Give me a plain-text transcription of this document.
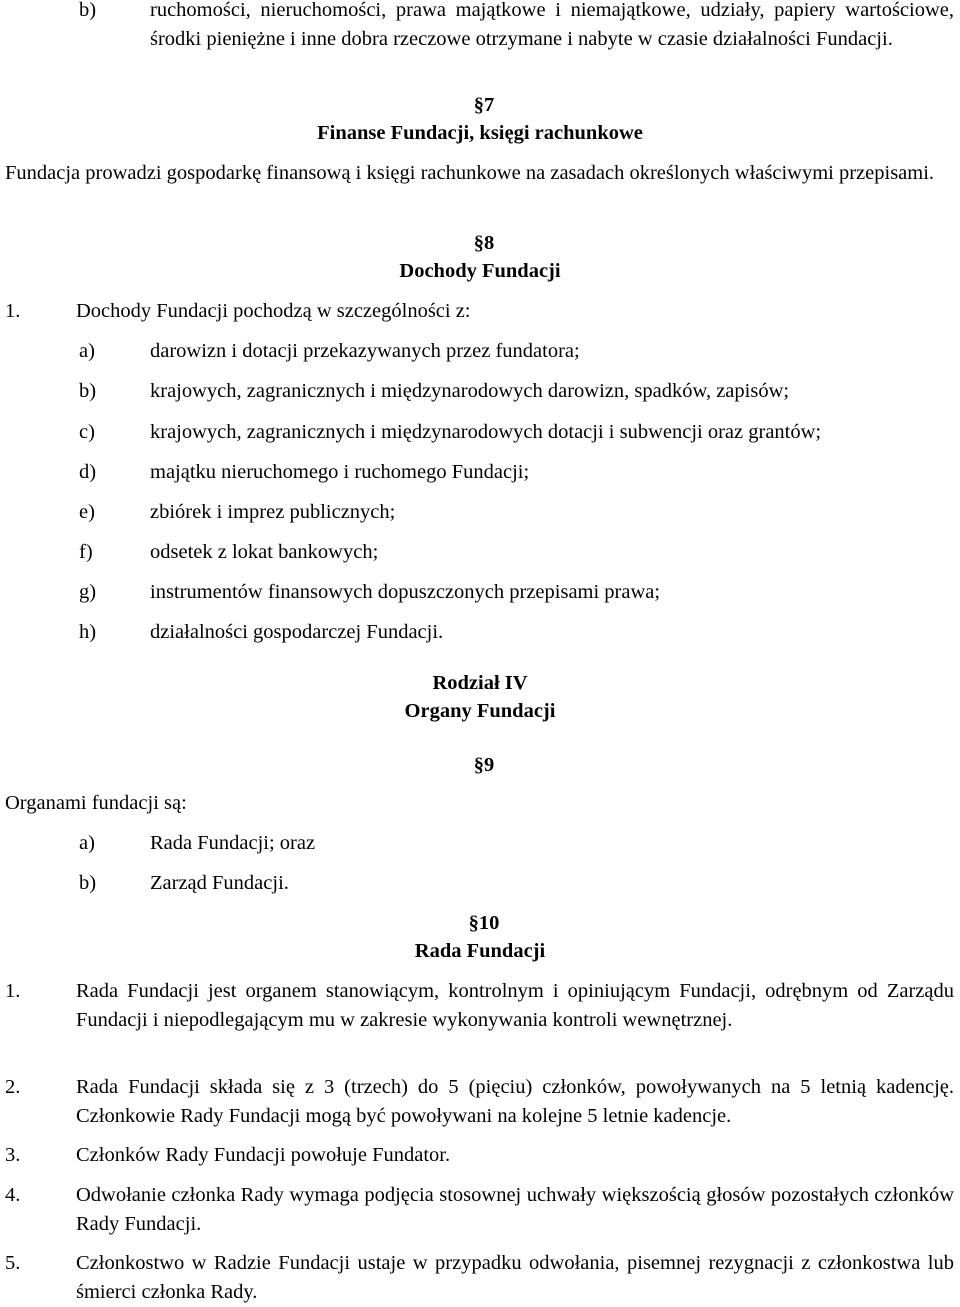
b)	ruchomości, nieruchomości, prawa majątkowe i niemajątkowe, udziały, papiery wartościowe, środki pieniężne i inne dobra rzeczowe otrzymane i nabyte w czasie działalności Fundacji.
§7
Finanse Fundacji, księgi rachunkowe
Fundacja prowadzi gospodarkę finansową i księgi rachunkowe na zasadach określonych właściwymi przepisami.
§8
Dochody Fundacji
1.	Dochody Fundacji pochodzą w szczególności z:
a)	darowizn i dotacji przekazywanych przez fundatora;
b)	krajowych, zagranicznych i międzynarodowych darowizn, spadków, zapisów;
c)	krajowych, zagranicznych i międzynarodowych dotacji i subwencji oraz grantów;
d)	majątku nieruchomego i ruchomego Fundacji;
e)	zbiórek i imprez publicznych;
f)	odsetek z lokat bankowych;
g)	instrumentów finansowych dopuszczonych przepisami prawa;
h)	działalności gospodarczej Fundacji.
Rodział IV
Organy Fundacji
§9
Organami fundacji są:
a)	Rada Fundacji; oraz
b)	Zarząd Fundacji.
§10
Rada Fundacji
1.	Rada Fundacji jest organem stanowiącym, kontrolnym i opiniującym Fundacji, odrębnym od Zarządu Fundacji i niepodlegającym mu w zakresie wykonywania kontroli wewnętrznej.
2.	Rada Fundacji składa się z 3 (trzech) do 5 (pięciu) członków, powoływanych na 5 letnią kadencję. Członkowie Rady Fundacji mogą być powoływani na kolejne 5 letnie kadencje.
3.	Członków Rady Fundacji powołuje Fundator.
4.	Odwołanie członka Rady wymaga podjęcia stosownej uchwały większością głosów pozostałych członków Rady Fundacji.
5.	Członkostwo w Radzie Fundacji ustaje w przypadku odwołania, pisemnej rezygnacji z członkostwa lub śmierci członka Rady.
